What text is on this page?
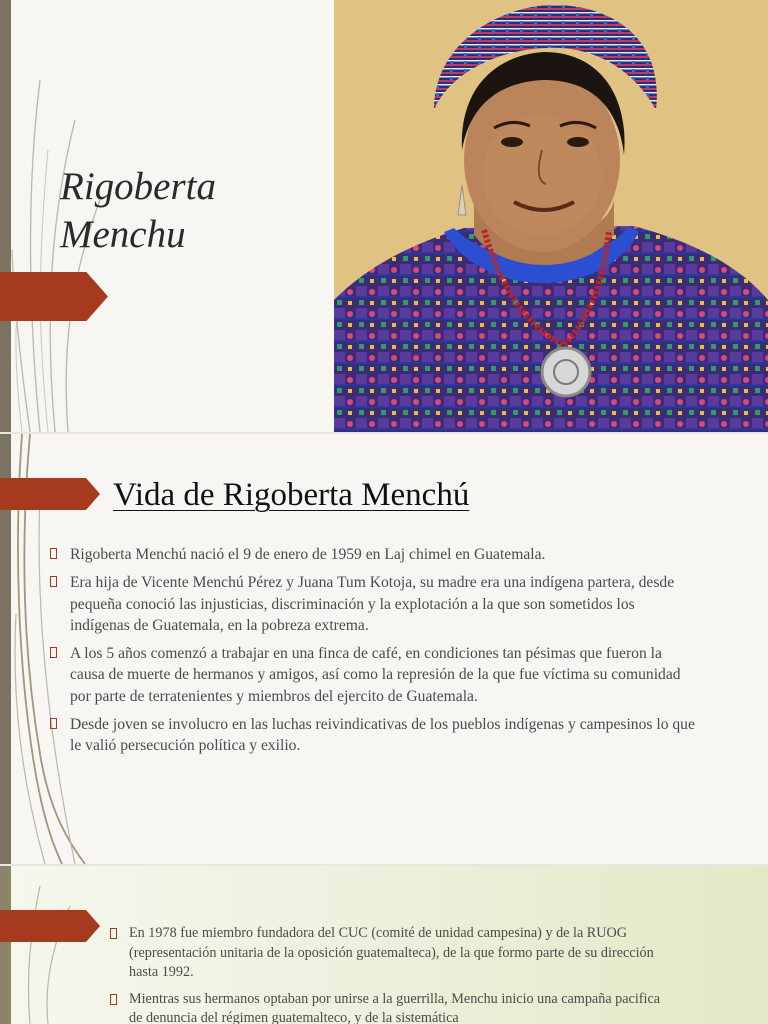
Rigoberta
Menchu
Vida de Rigoberta Menchú
Rigoberta Menchú nació el 9 de enero de 1959 en Laj chimel en Guatemala.
Era hija de Vicente Menchú Pérez y Juana Tum Kotoja, su madre era una indígena partera, desde pequeña conoció las injusticias, discriminación y la explotación a la que son sometidos los indígenas de Guatemala, en la pobreza extrema.
A los 5 años comenzó a trabajar en una finca de café, en condiciones tan pésimas que fueron la causa de muerte de hermanos y amigos, así como la represión de la que fue víctima su comunidad por parte de terratenientes y miembros del ejercito de Guatemala.
Desde joven se involucro en las luchas reivindicativas de los pueblos indígenas y campesinos lo que le valió persecución política y exilio.
En 1978 fue miembro fundadora del CUC (comité de unidad campesina) y de la RUOG (representación unitaria de la oposición guatemalteca), de la que formo parte de su dirección hasta 1992.
Mientras sus hermanos optaban por unirse a la guerrilla, Menchu inicio una campaña pacifica de denuncia del régimen guatemalteco, y de la sistemática
